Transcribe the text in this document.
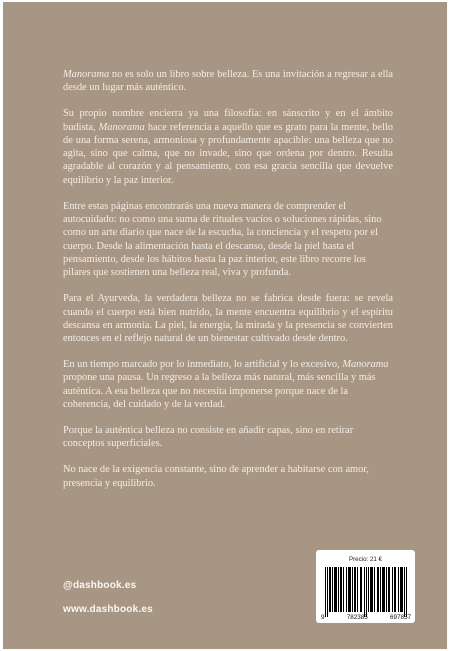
Manorama no es solo un libro sobre belleza. Es una invitación a regresar a ella desde un lugar más auténtico.

Su propio nombre encierra ya una filosofía: en sánscrito y en el ámbito budista, Manorama hace referencia a aquello que es grato para la mente, bello de una forma serena, armoniosa y profundamente apacible: una belleza que no agita, sino que calma, que no invade, sino que ordena por dentro. Resulta agradable al corazón y al pensamiento, con esa gracia sencilla que devuelve equilibrio y la paz interior.

Entre estas páginas encontrarás una nueva manera de comprender el autocuidado: no como una suma de rituales vacíos o soluciones rápidas, sino como un arte diario que nace de la escucha, la conciencia y el respeto por el cuerpo. Desde la alimentación hasta el descanso, desde la piel hasta el pensamiento, desde los hábitos hasta la paz interior, este libro recorre los pilares que sostienen una belleza real, viva y profunda.

Para el Ayurveda, la verdadera belleza no se fabrica desde fuera: se revela cuando el cuerpo está bien nutrido, la mente encuentra equilibrio y el espíritu descansa en armonía. La piel, la energía, la mirada y la presencia se convierten entonces en el reflejo natural de un bienestar cultivado desde dentro.

En un tiempo marcado por lo inmediato, lo artificial y lo excesivo, Manorama propone una pausa. Un regreso a la belleza más natural, más sencilla y más auténtica. A esa belleza que no necesita imponerse porque nace de la coherencia, del cuidado y de la verdad.

Porque la auténtica belleza no consiste en añadir capas, sino en retirar conceptos superficiales.

No nace de la exigencia constante, sino de aprender a habitarse con amor, presencia y equilibrio.

@dashbook.es
www.dashbook.es
Precio: 21 €
9	782385	697857
